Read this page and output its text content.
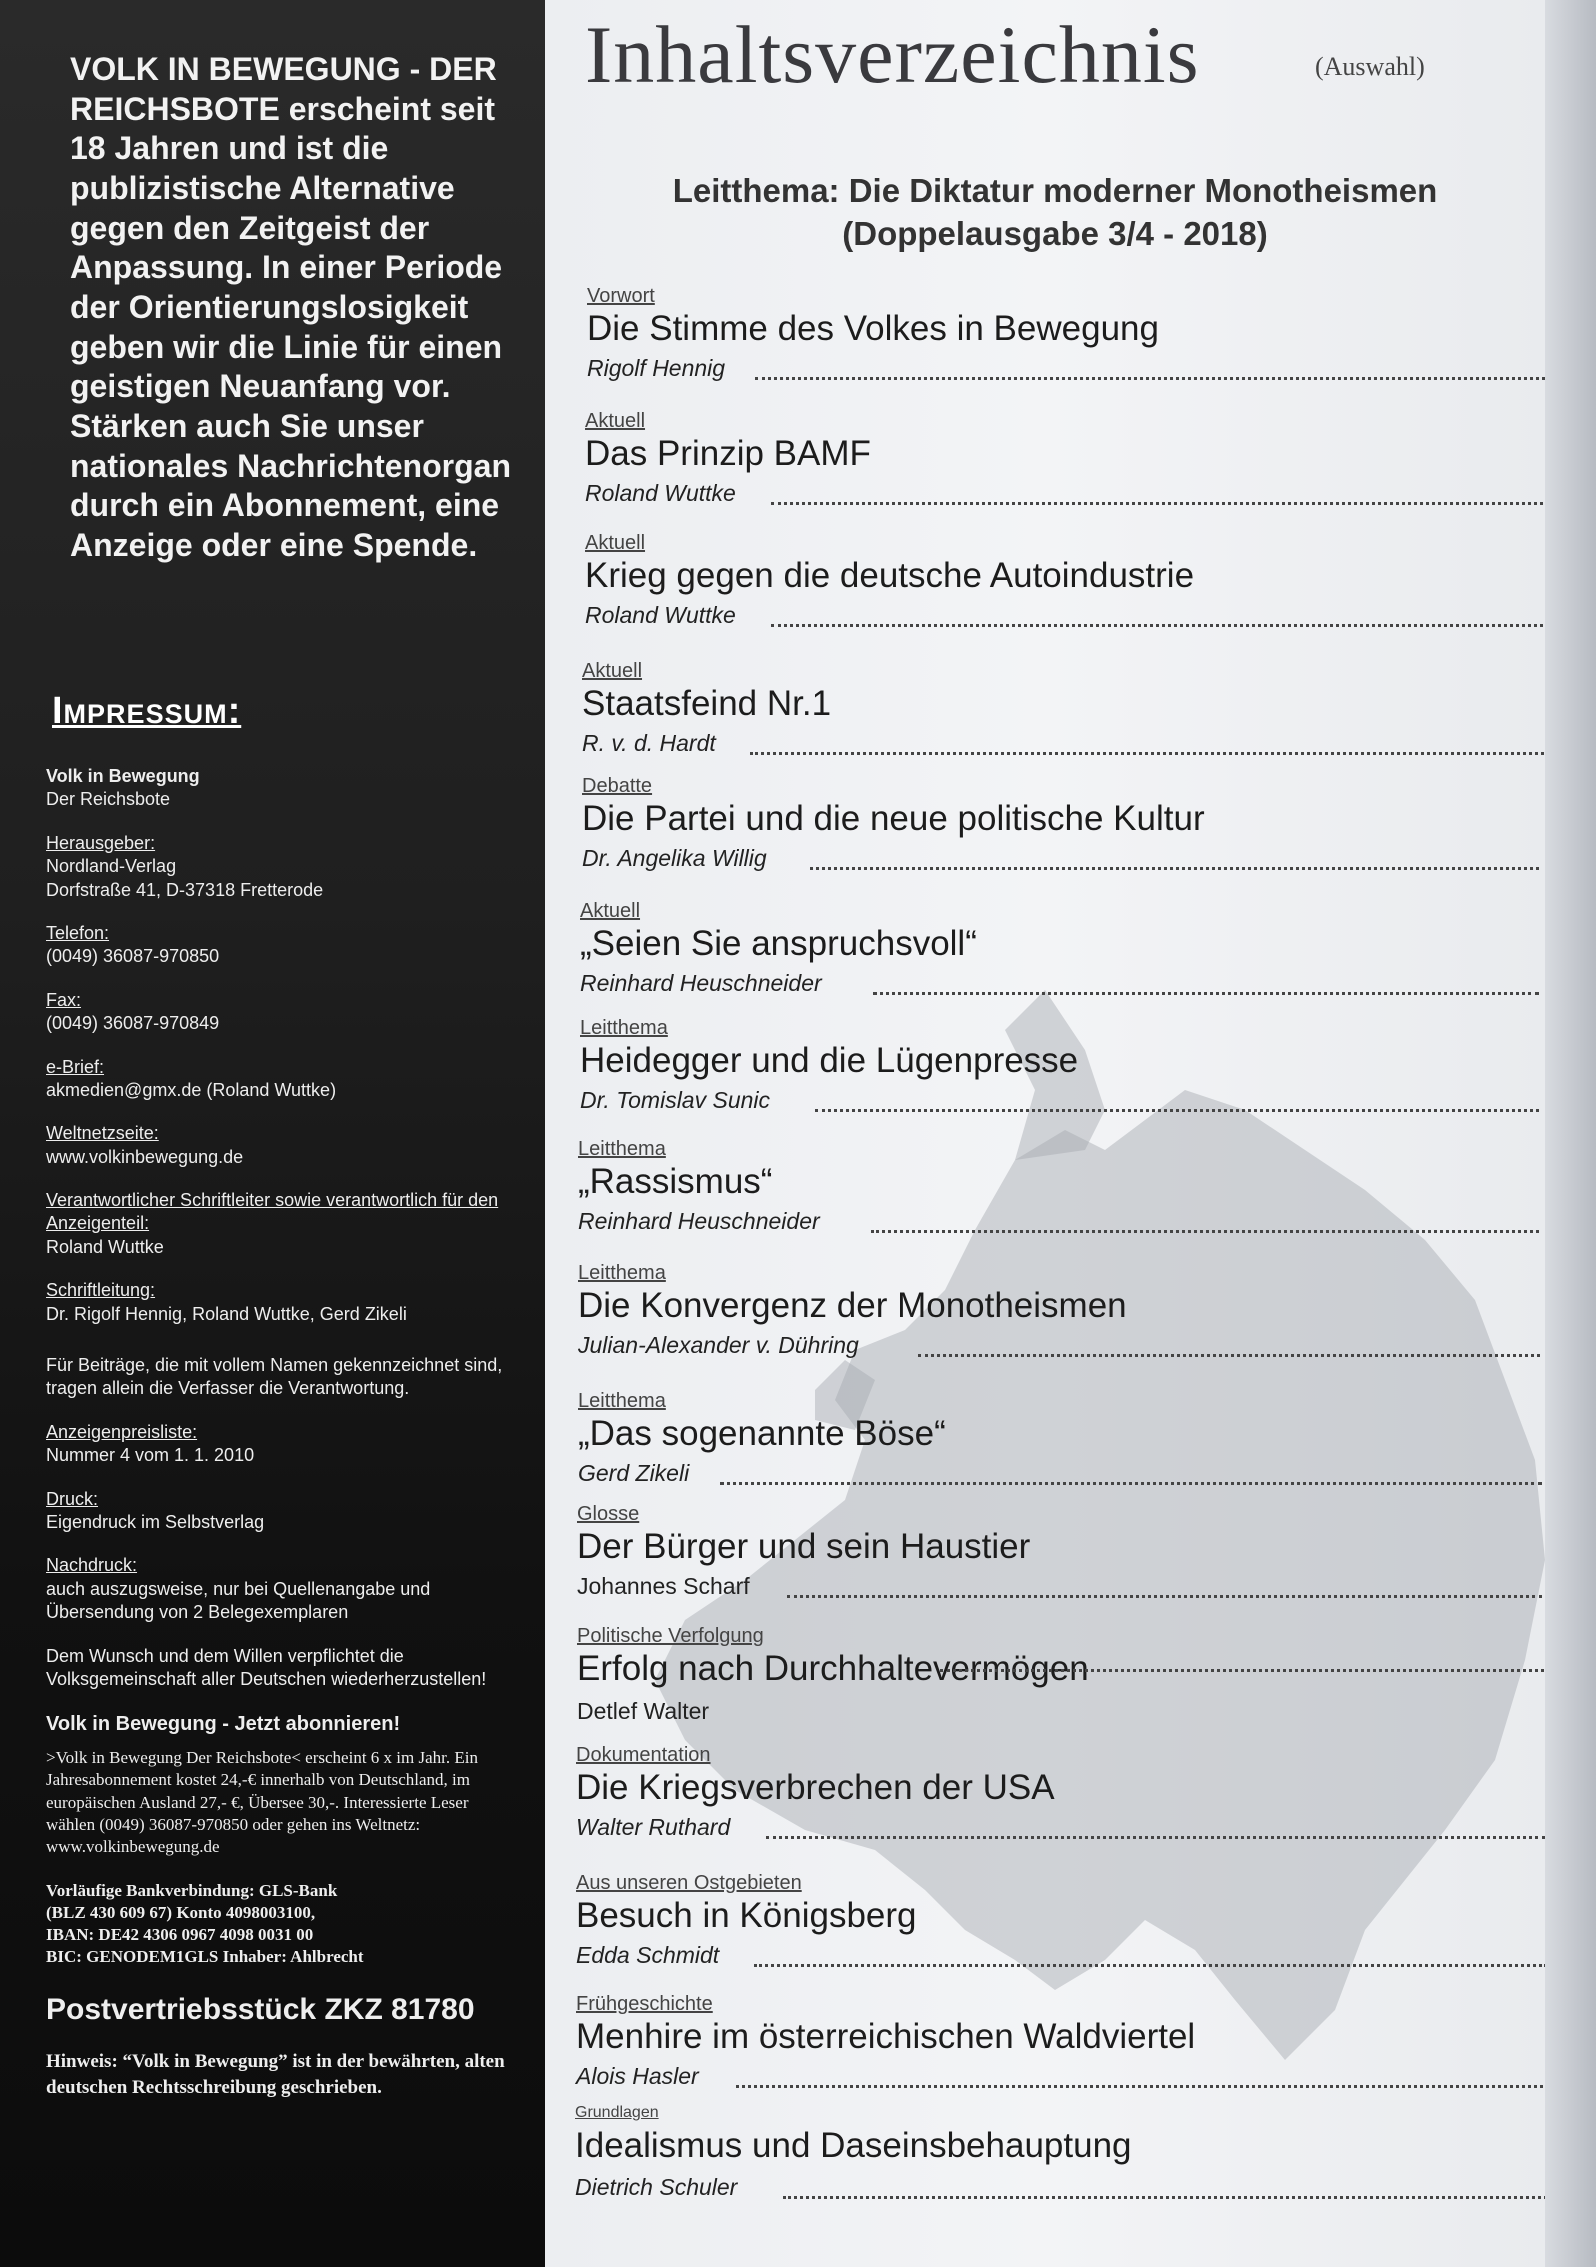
VOLK IN BEWEGUNG - DER REICHSBOTE erscheint seit 18 Jahren und ist die publizistische Alternative gegen den Zeitgeist der Anpassung. In einer Periode der Orientierungslosigkeit geben wir die Linie für einen geistigen Neuanfang vor. Stärken auch Sie unser nationales Nachrichtenorgan durch ein Abonnement, eine Anzeige oder eine Spende.
Impressum:
Volk in Bewegung
Der Reichsbote
Herausgeber:
Nordland-Verlag
Dorfstraße 41, D-37318 Fretterode
Telefon:
(0049) 36087-970850
Fax:
(0049) 36087-970849
e-Brief:
akmedien@gmx.de (Roland Wuttke)
Weltnetzseite:
www.volkinbewegung.de
Verantwortlicher Schriftleiter sowie verantwortlich für den Anzeigenteil:
Roland Wuttke
Schriftleitung:
Dr. Rigolf Hennig, Roland Wuttke, Gerd Zikeli
Für Beiträge, die mit vollem Namen gekennzeichnet sind, tragen allein die Verfasser die Verantwortung.
Anzeigenpreisliste:
Nummer 4 vom 1. 1. 2010
Druck:
Eigendruck im Selbstverlag
Nachdruck:
auch auszugsweise, nur bei Quellenangabe und Übersendung von 2 Belegexemplaren
Dem Wunsch und dem Willen verpflichtet die Volksgemeinschaft aller Deutschen wiederherzustellen!
Volk in Bewegung - Jetzt abonnieren!
>Volk in Bewegung Der Reichsbote< erscheint 6 x im Jahr. Ein Jahresabonnement kostet 24,-€ innerhalb von Deutschland, im europäischen Ausland 27,- €, Übersee 30,-. Interessierte Leser wählen (0049) 36087-970850 oder gehen ins Weltnetz: www.volkinbewegung.de
Vorläufige Bankverbindung: GLS-Bank
(BLZ 430 609 67) Konto 4098003100,
IBAN: DE42 4306 0967 4098 0031 00
BIC: GENODEM1GLS Inhaber: Ahlbrecht
Postvertriebsstück ZKZ 81780
Hinweis: “Volk in Bewegung” ist in der bewährten, alten deutschen Rechtsschreibung geschrieben.
Inhaltsverzeichnis	(Auswahl)
Leitthema: Die Diktatur moderner Monotheismen
(Doppelausgabe 3/4 - 2018)
Vorwort
Die Stimme des Volkes in Bewegung
Rigolf Hennig
Aktuell
Das Prinzip BAMF
Roland Wuttke
Aktuell
Krieg gegen die deutsche Autoindustrie
Roland Wuttke
Aktuell
Staatsfeind Nr.1
R. v. d. Hardt
Debatte
Die Partei und die neue politische Kultur
Dr. Angelika Willig
Aktuell
„Seien Sie anspruchsvoll“
Reinhard Heuschneider
Leitthema
Heidegger und die Lügenpresse
Dr. Tomislav Sunic
Leitthema
„Rassismus“
Reinhard Heuschneider
Leitthema
Die Konvergenz der Monotheismen
Julian-Alexander v. Dühring
Leitthema
„Das sogenannte Böse“
Gerd Zikeli
Glosse
Der Bürger und sein Haustier
Johannes Scharf
Politische Verfolgung
Erfolg nach Durchhaltevermögen
Detlef Walter
Dokumentation
Die Kriegsverbrechen der USA
Walter Ruthard
Aus unseren Ostgebieten
Besuch in Königsberg
Edda Schmidt
Frühgeschichte
Menhire im österreichischen Waldviertel
Alois Hasler
Grundlagen
Idealismus und Daseinsbehauptung
Dietrich Schuler
